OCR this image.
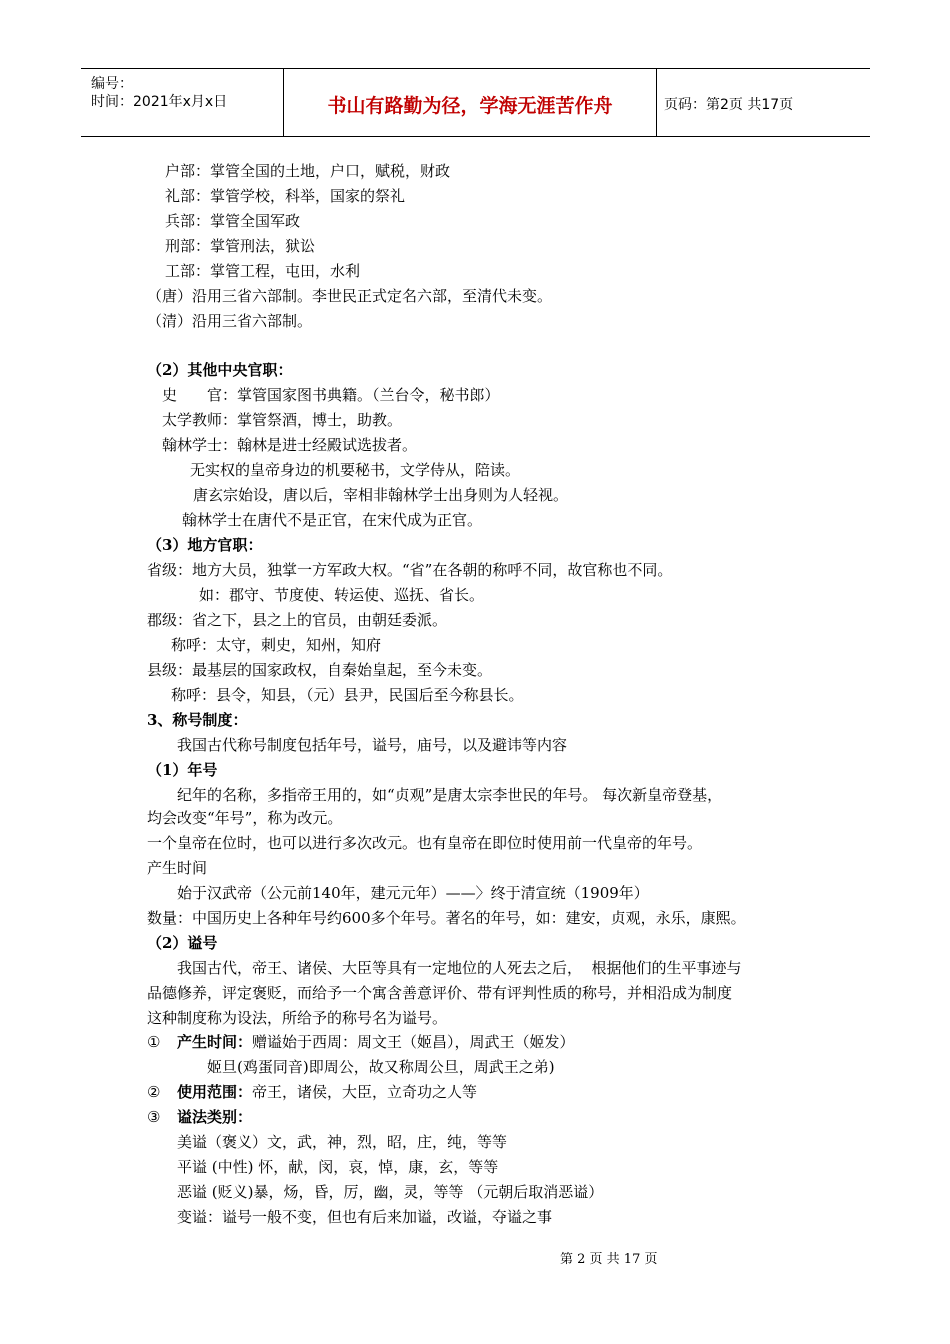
编号：
时间：2021年x月x日	书山有路勤为径，学海无涯苦作舟	页码：第2页 共17页
户部：掌管全国的土地，户口，赋税，财政
礼部：掌管学校，科举，国家的祭礼
兵部：掌管全国军政
刑部：掌管刑法，狱讼
工部：掌管工程，屯田，水利
（唐）沿用三省六部制。李世民正式定名六部，至清代未变。
（清）沿用三省六部制。
（2）其他中央官职：
史　　官：掌管国家图书典籍。（兰台令，秘书郎）
太学教师：掌管祭酒，博士，助教。
翰林学士：翰林是进士经殿试选拔者。
无实权的皇帝身边的机要秘书，文学侍从，陪读。
唐玄宗始设，唐以后，宰相非翰林学士出身则为人轻视。
翰林学士在唐代不是正官，在宋代成为正官。
（3）地方官职：
省级：地方大员，独掌一方军政大权。“省”在各朝的称呼不同，故官称也不同。
如：郡守、节度使、转运使、巡抚、省长。
郡级：省之下，县之上的官员，由朝廷委派。
称呼：太守，刺史，知州，知府
县级：最基层的国家政权，自秦始皇起，至今未变。
称呼：县令，知县，（元）县尹，民国后至今称县长。
3、称号制度：
我国古代称号制度包括年号，谥号，庙号，以及避讳等内容
（1）年号
纪年的名称，多指帝王用的，如“贞观”是唐太宗李世民的年号。 每次新皇帝登基，
均会改变“年号”，称为改元。
一个皇帝在位时，也可以进行多次改元。也有皇帝在即位时使用前一代皇帝的年号。
产生时间
始于汉武帝（公元前140年，建元元年）——〉终于清宣统（1909年）
数量：中国历史上各种年号约600多个年号。著名的年号，如：建安，贞观，永乐，康熙。
（2）谥号
我国古代，帝王、诸侯、大臣等具有一定地位的人死去之后，  根据他们的生平事迹与
品德修养，评定褒贬，而给予一个寓含善意评价、带有评判性质的称号，并相沿成为制度
这种制度称为设法，所给予的称号名为谥号。
① 产生时间： 赠谥始于西周：周文王（姬昌），周武王（姬发）
姬旦(鸡蛋同音)即周公，故又称周公旦，周武王之弟)
② 使用范围： 帝王，诸侯，大臣，立奇功之人等
③ 谥法类别：
美谥（褒义）文，武，神，烈，昭，庄，纯，等等
平谥 (中性) 怀，献，闵，哀，悼，康，玄，等等
恶谥 (贬义)暴，炀，昏，厉，幽，灵，等等 （元朝后取消恶谥）
变谥：谥号一般不变，但也有后来加谥，改谥，夺谥之事
第 2 页 共 17 页
